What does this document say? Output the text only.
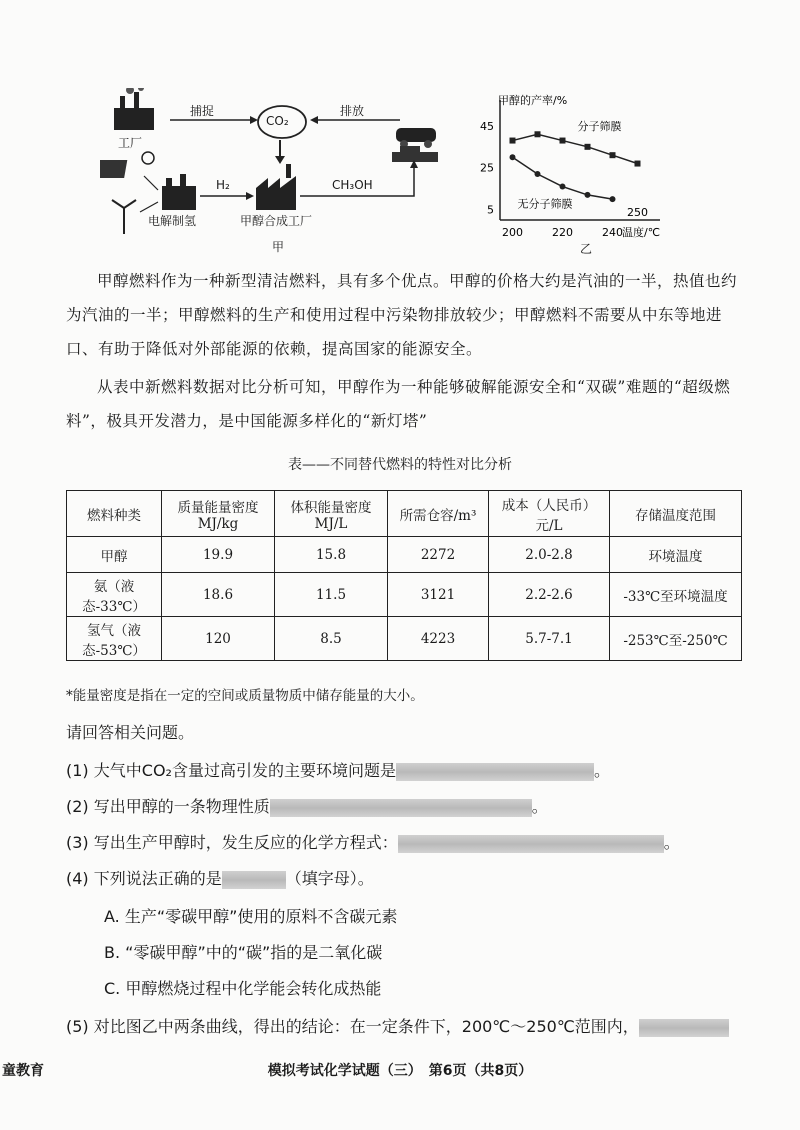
工厂
捕捉
CO₂
排放
H₂	CH₃OH
电解制氢	甲醇合成工厂
甲
甲醇的产率/%
温度/℃
45
25
5
200	220	240
250
分子筛膜
无分子筛膜
乙
甲醇燃料作为一种新型清洁燃料，具有多个优点。甲醇的价格大约是汽油的一半，热值也约为汽油的一半；甲醇燃料的生产和使用过程中污染物排放较少；甲醇燃料不需要从中东等地进口、有助于降低对外部能源的依赖，提高国家的能源安全。
从表中新燃料数据对比分析可知，甲醇作为一种能够破解能源安全和“双碳”难题的“超级燃料”，极具开发潜力，是中国能源多样化的“新灯塔”
表——不同替代燃料的特性对比分析
燃料种类	质量能量密度 MJ/kg	体积能量密度 MJ/L	所需仓容/m³	成本（人民币）元/L	存储温度范围
甲醇	19.9	15.8	2272	2.0-2.8	环境温度
氨（液态-33℃）	18.6	11.5	3121	2.2-2.6	-33℃至环境温度
氢气（液态-53℃）	120	8.5	4223	5.7-7.1	-253℃至-250℃
*能量密度是指在一定的空间或质量物质中储存能量的大小。
请回答相关问题。
(1) 大气中CO₂含量过高引发的主要环境问题是	。
(2) 写出甲醇的一条物理性质	。
(3) 写出生产甲醇时，发生反应的化学方程式：	。
(4) 下列说法正确的是	（填字母）。
A. 生产“零碳甲醇”使用的原料不含碳元素
B. “零碳甲醇”中的“碳”指的是二氧化碳
C. 甲醇燃烧过程中化学能会转化成热能
(5) 对比图乙中两条曲线，得出的结论：在一定条件下，200℃～250℃范围内，
童教育	模拟考试化学试题（三）　第6页（共8页）
